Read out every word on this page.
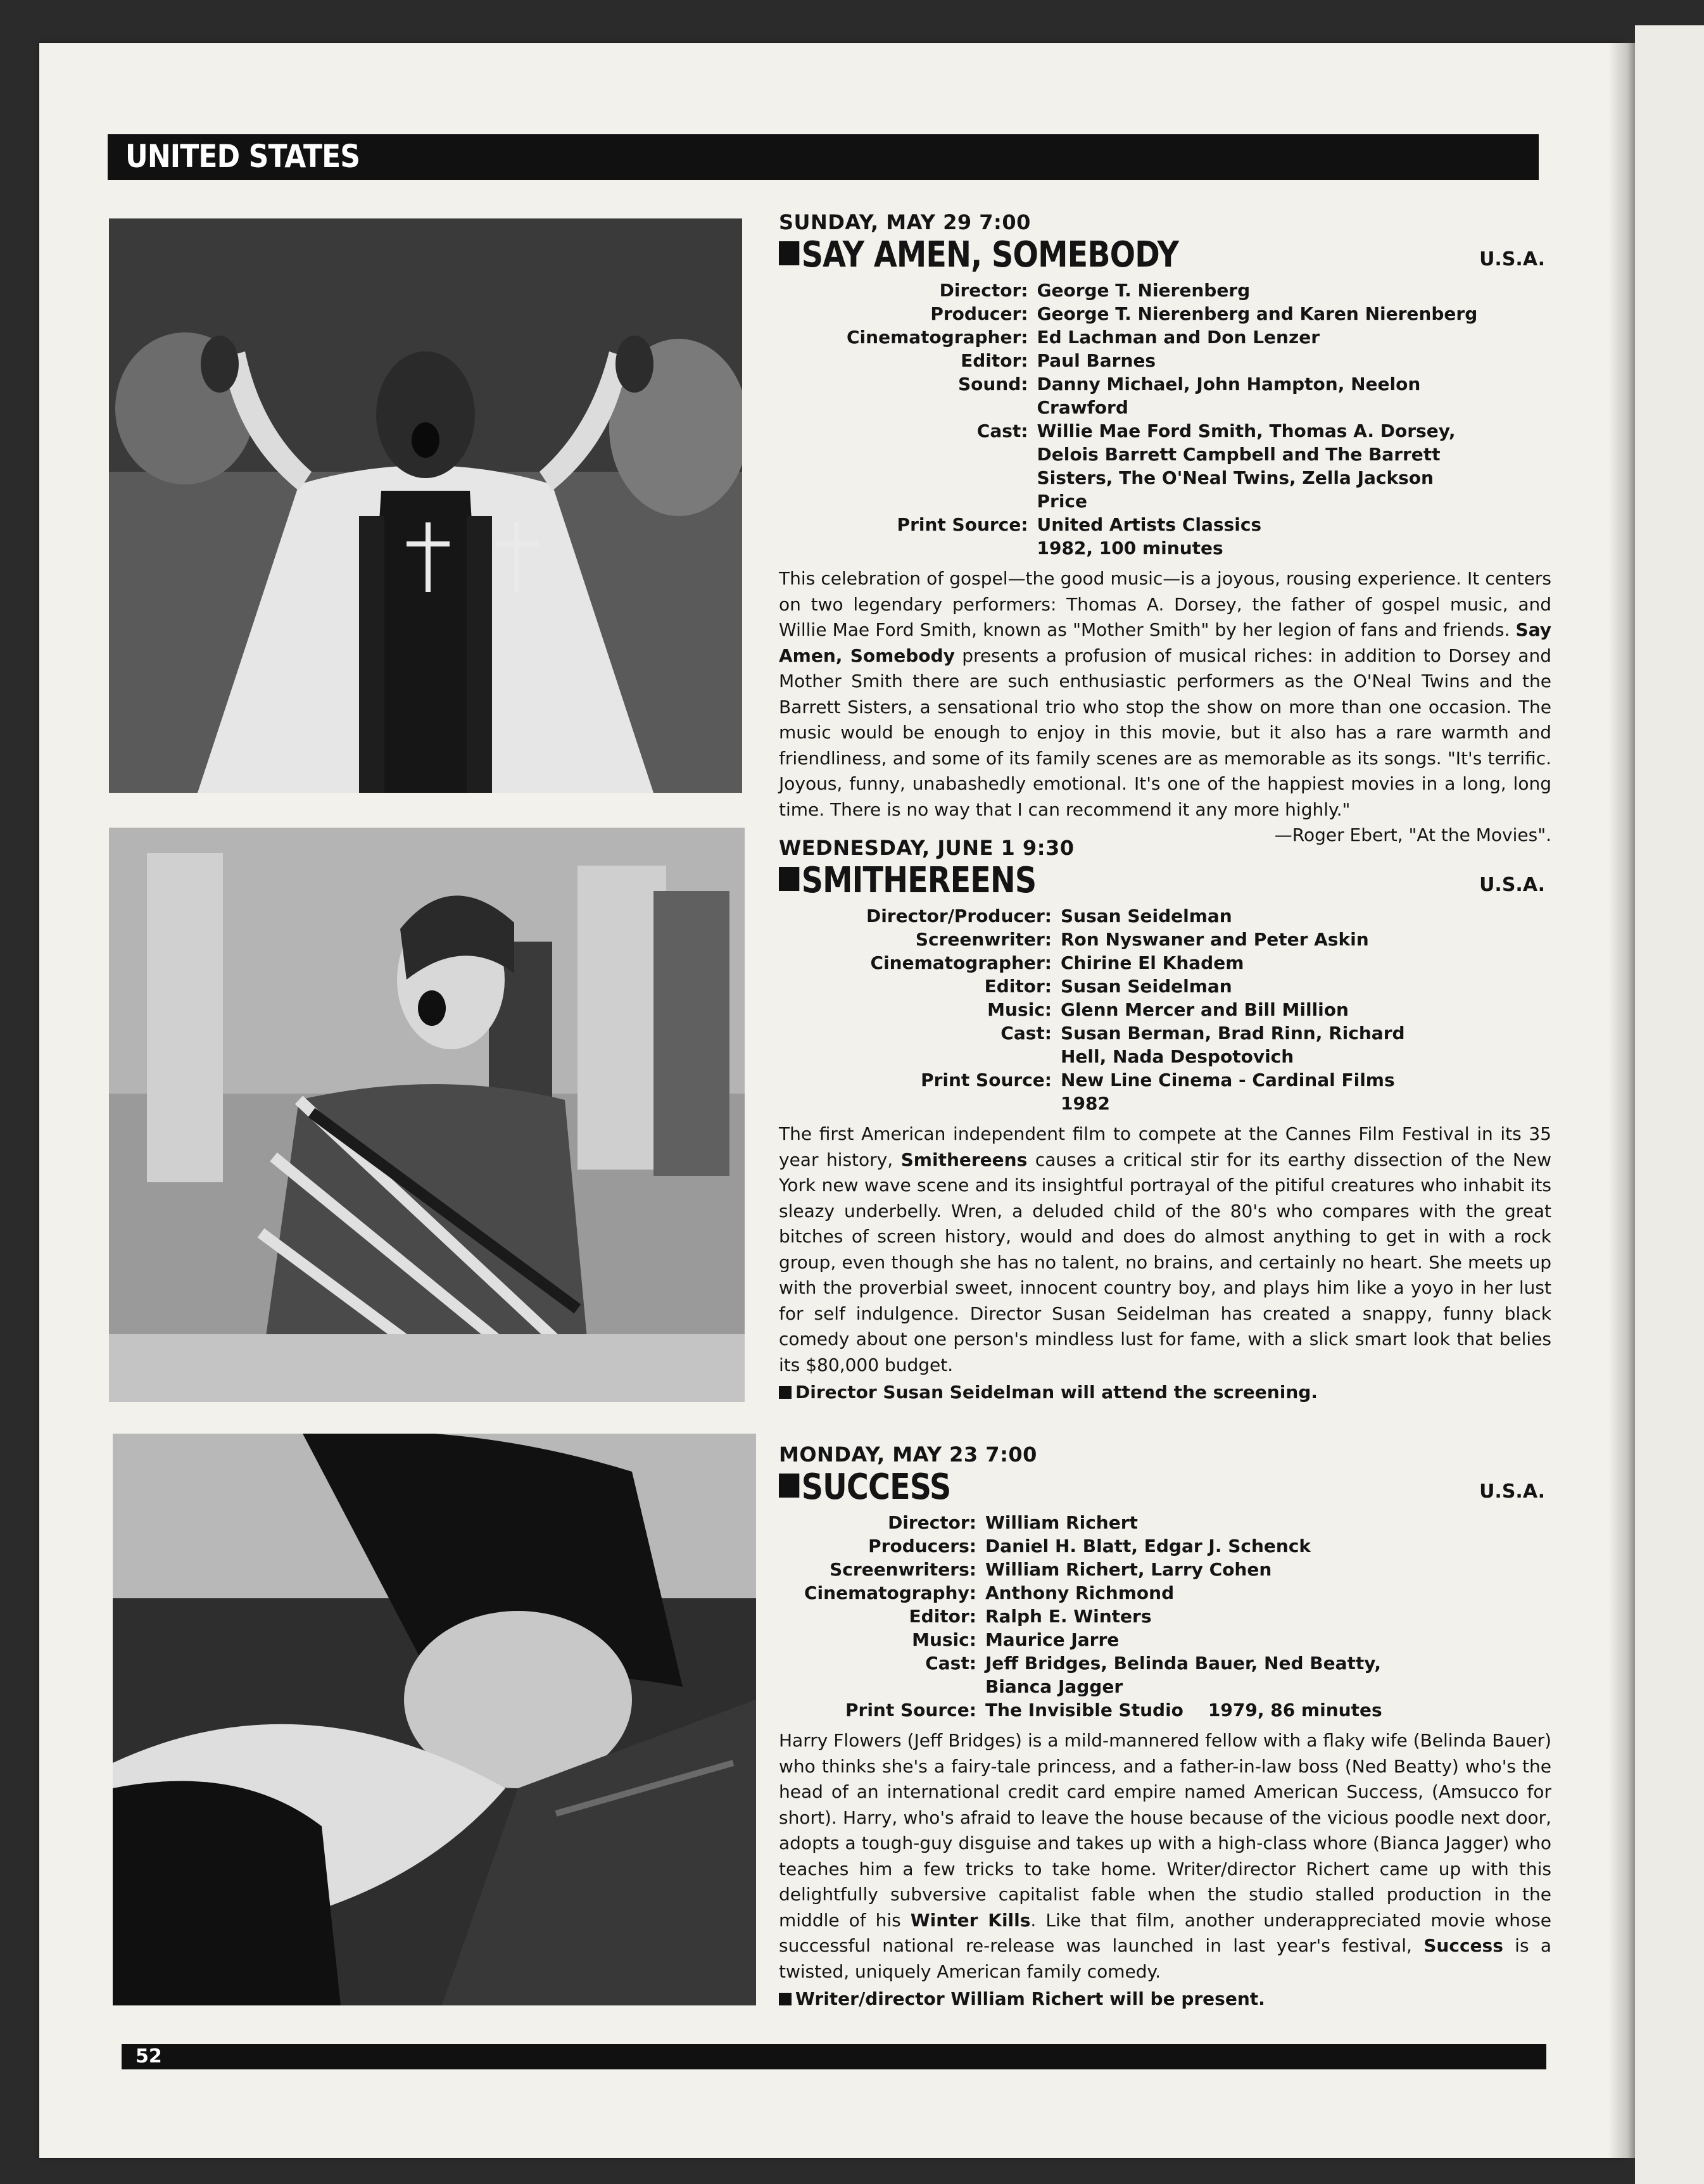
UNITED STATES
SUNDAY, MAY 29 7:00
SAY AMEN, SOMEBODY	U.S.A.
Director:	George T. Nierenberg
Producer:	George T. Nierenberg and Karen Nierenberg
Cinematographer:	Ed Lachman and Don Lenzer
Editor:	Paul Barnes
Sound:	Danny Michael, John Hampton, Neelon Crawford
Cast:	Willie Mae Ford Smith, Thomas A. Dorsey, Delois Barrett Campbell and The Barrett Sisters, The O'Neal Twins, Zella Jackson Price
Print Source:	United Artists Classics
	1982, 100 minutes

This celebration of gospel—the good music—is a joyous, rousing experience. It centers on two legendary performers: Thomas A. Dorsey, the father of gospel music, and Willie Mae Ford Smith, known as "Mother Smith" by her legion of fans and friends. Say Amen, Somebody presents a profusion of musical riches: in addition to Dorsey and Mother Smith there are such enthusiastic performers as the O'Neal Twins and the Barrett Sisters, a sensational trio who stop the show on more than one occasion. The music would be enough to enjoy in this movie, but it also has a rare warmth and friendliness, and some of its family scenes are as memorable as its songs. "It's terrific. Joyous, funny, unabashedly emotional. It's one of the happiest movies in a long, long time. There is no way that I can recommend it any more highly."

—Roger Ebert, "At the Movies".
WEDNESDAY, JUNE 1 9:30
SMITHEREENS	U.S.A.
Director/Producer:	Susan Seidelman
Screenwriter:	Ron Nyswaner and Peter Askin
Cinematographer:	Chirine El Khadem
Editor:	Susan Seidelman
Music:	Glenn Mercer and Bill Million
Cast:	Susan Berman, Brad Rinn, Richard Hell, Nada Despotovich
Print Source:	New Line Cinema - Cardinal Films
	1982

The first American independent film to compete at the Cannes Film Festival in its 35 year history, Smithereens causes a critical stir for its earthy dissection of the New York new wave scene and its insightful portrayal of the pitiful creatures who inhabit its sleazy underbelly. Wren, a deluded child of the 80's who compares with the great bitches of screen history, would and does do almost anything to get in with a rock group, even though she has no talent, no brains, and certainly no heart. She meets up with the proverbial sweet, innocent country boy, and plays him like a yoyo in her lust for self indulgence. Director Susan Seidelman has created a snappy, funny black comedy about one person's mindless lust for fame, with a slick smart look that belies its $80,000 budget.

Director Susan Seidelman will attend the screening.
MONDAY, MAY 23 7:00
SUCCESS	U.S.A.
Director:	William Richert
Producers:	Daniel H. Blatt, Edgar J. Schenck
Screenwriters:	William Richert, Larry Cohen
Cinematography:	Anthony Richmond
Editor:	Ralph E. Winters
Music:	Maurice Jarre
Cast:	Jeff Bridges, Belinda Bauer, Ned Beatty, Bianca Jagger
Print Source:	The Invisible Studio    1979, 86 minutes

Harry Flowers (Jeff Bridges) is a mild-mannered fellow with a flaky wife (Belinda Bauer) who thinks she's a fairy-tale princess, and a father-in-law boss (Ned Beatty) who's the head of an international credit card empire named American Success, (Amsucco for short). Harry, who's afraid to leave the house because of the vicious poodle next door, adopts a tough-guy disguise and takes up with a high-class whore (Bianca Jagger) who teaches him a few tricks to take home. Writer/director Richert came up with this delightfully subversive capitalist fable when the studio stalled production in the middle of his Winter Kills. Like that film, another underappreciated movie whose successful national re-release was launched in last year's festival, Success is a twisted, uniquely American family comedy.

Writer/director William Richert will be present.
52
